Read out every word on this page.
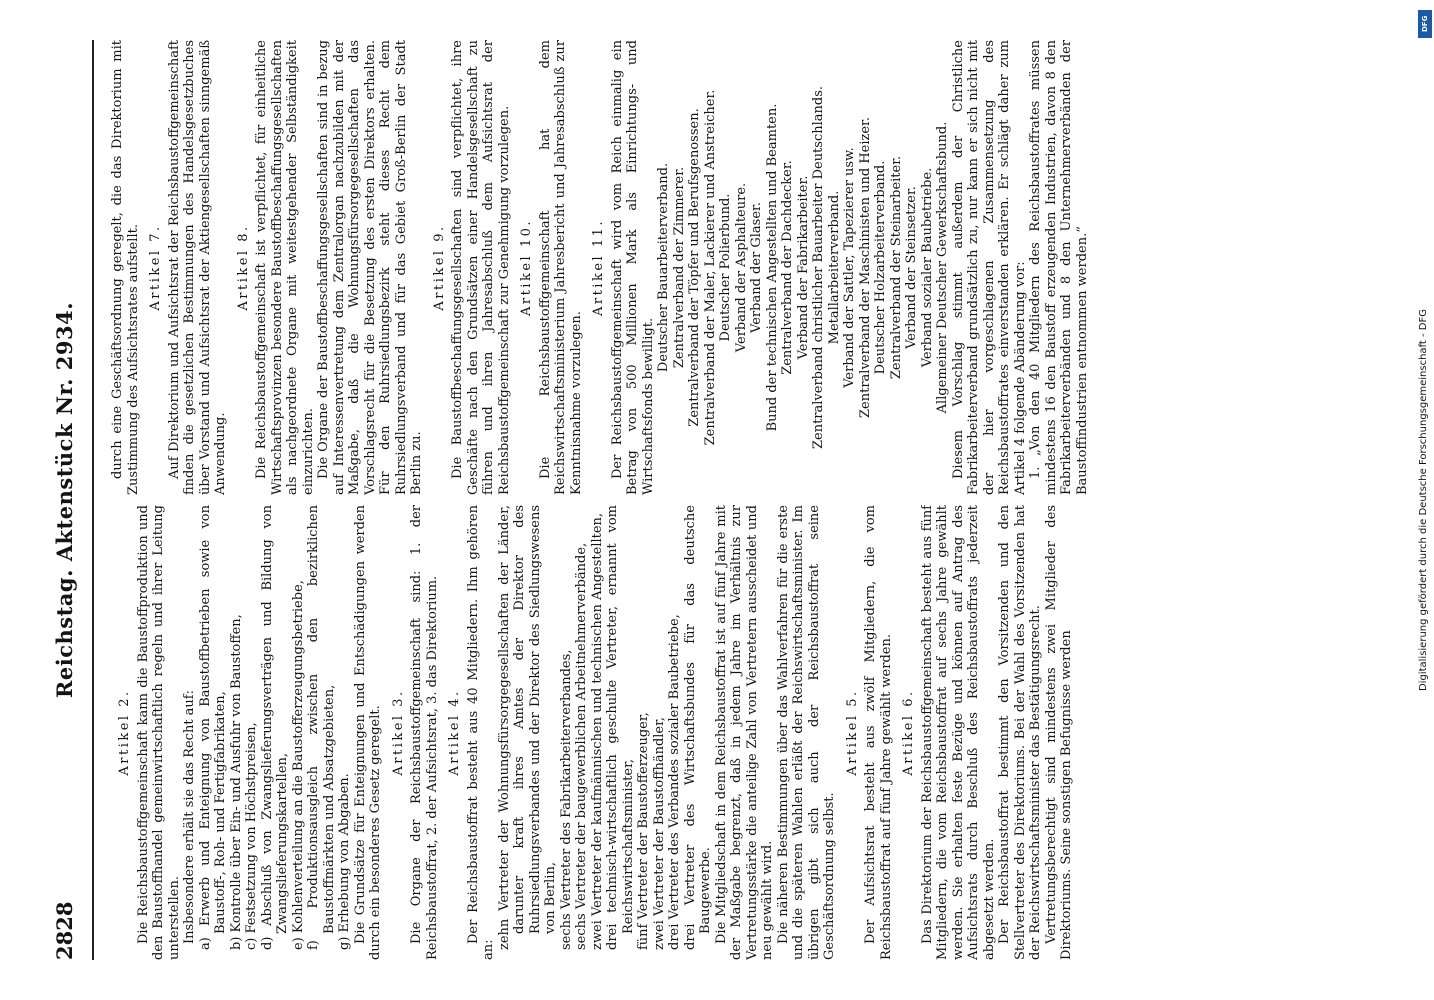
Reichstag. Aktenstück Nr. 2934.
2828
Artikel 2. Die Reichsbaustoffgemeinschaft kann die Baustoffproduktion und den Baustoffhandel gemeinwirtschaftlich regeln und ihrer Leitung unterstellen. Insbesondere erhält sie das Recht auf: a) Erwerb und Enteignung von Baustoffbetrieben sowie von Baustoff-, Roh- und Fertigfabrikaten, b) Kontrolle über Ein- und Ausfuhr von Baustoffen, c) Festsetzung von Höchstpreisen, d) Abschluß von Zwangslieferungsverträgen und Bildung von Zwangslieferungskartellen, e) Kohlenverteilung an die Baustofferzeugungsbetriebe, f) Produktionsausgleich zwischen den bezirklichen Baustoffmärkten und Absatzgebieten, g) Erhebung von Abgaben. Die Grundsätze für Enteignungen und Entschädigungen werden durch ein besonderes Gesetz geregelt. Artikel 3. Die Organe der Reichsbaustoffgemeinschaft sind: 1. der Reichsbaustoffrat, 2. der Aufsichtsrat, 3. das Direktorium. Artikel 4. Der Reichsbaustoffrat besteht aus 40 Mitgliedern. Ihm gehören an: zehn Vertreter der Wohnungsfürsorgegesellschaften der Länder, darunter kraft ihres Amtes der Direktor des Ruhrsiedlungsverbandes und der Direktor des Siedlungswesens von Berlin, sechs Vertreter des Fabrikarbeiterverbandes, sechs Vertreter der baugewerblichen Arbeitnehmerverbände, zwei Vertreter der kaufmännischen und technischen Angestellten, drei technisch-wirtschaftlich geschulte Vertreter, ernannt vom Reichswirtschaftsminister, fünf Vertreter der Baustofferzeuger, zwei Vertreter der Baustoffhändler, drei Vertreter des Verbandes sozialer Baubetriebe, drei Vertreter des Wirtschaftsbundes für das deutsche Baugewerbe. Die Mitgliedschaft in dem Reichsbaustoffrat ist auf fünf Jahre mit der Maßgabe begrenzt, daß in jedem Jahre im Verhältnis zur Vertretungsstärke die anteilige Zahl von Vertretern ausscheidet und neu gewählt wird. Die näheren Bestimmungen über das Wahlverfahren für die erste und die späteren Wahlen erläßt der Reichswirtschaftsminister. Im übrigen gibt sich auch der Reichsbaustoffrat seine Geschäftsordnung selbst.
Artikel 5. Der Aufsichtsrat besteht aus zwölf Mitgliedern, die vom Reichsbaustoffrat auf fünf Jahre gewählt werden. Artikel 6. Das Direktorium der Reichsbaustoffgemeinschaft besteht aus fünf Mitgliedern, die vom Reichsbaustoffrat auf sechs Jahre gewählt werden. Sie erhalten feste Bezüge und können auf Antrag des Aufsichtsrats durch Beschluß des Reichsbaustoffrats jederzeit abgesetzt werden. Der Reichsbaustoffrat bestimmt den Vorsitzenden und den Stellvertreter des Direktoriums. Bei der Wahl des Vorsitzenden hat der Reichswirtschaftsminister das Bestätigungsrecht. Vertretungsberechtigt sind mindestens zwei Mitglieder des Direktoriums. Seine sonstigen Befugnisse werden
durch eine Geschäftsordnung geregelt, die das Direktorium mit Zustimmung des Aufsichtsrates aufstellt. Artikel 7. Auf Direktorium und Aufsichtsrat der Reichsbaustoffgemeinschaft finden die gesetzlichen Bestimmungen des Handelsgesetzbuches über Vorstand und Aufsichtsrat der Aktiengesellschaften sinngemäß Anwendung.
Artikel 8. Die Reichsbaustoffgemeinschaft ist verpflichtet, für einheitliche Wirtschaftsprovinzen besondere Baustoffbeschaffungsgesellschaften als nachgeordnete Organe mit weitestgehender Selbständigkeit einzurichten. Die Organe der Baustoffbeschaffungsgesellschaften sind in bezug auf Interessenvertretung dem Zentralorgan nachzubilden mit der Maßgabe, daß die Wohnungsfürsorgegesellschaften das Vorschlagsrecht für die Besetzung des ersten Direktors erhalten. Für den Ruhrsiedlungsbezirk steht dieses Recht dem Ruhrsiedlungsverband und für das Gebiet Groß-Berlin der Stadt Berlin zu.
Artikel 9. Die Baustoffbeschaffungsgesellschaften sind verpflichtet, ihre Geschäfte nach den Grundsätzen einer Handelsgesellschaft zu führen und ihren Jahresabschluß dem Aufsichtsrat der Reichsbaustoffgemeinschaft zur Genehmigung vorzulegen. Artikel 10. Die Reichsbaustoffgemeinschaft hat dem Reichswirtschaftsministerium Jahresbericht und Jahresabschluß zur Kenntnisnahme vorzulegen.
Artikel 11. Der Reichsbaustoffgemeinschaft wird vom Reich einmalig ein Betrag von 500 Millionen Mark als Einrichtungs- und Wirtschaftsfonds bewilligt.
Deutscher Bauarbeiterverband. Zentralverband der Zimmerer. Zentralverband der Töpfer und Berufsgenossen. Zentralverband der Maler, Lackierer und Anstreicher. Deutscher Polierbund. Verband der Asphalteure. Verband der Glaser. Bund der technischen Angestellten und Beamten. Zentralverband der Dachdecker. Verband der Fabrikarbeiter. Zentralverband christlicher Bauarbeiter Deutschlands. Metallarbeiterverband. Verband der Sattler, Tapezierer usw. Zentralverband der Maschinisten und Heizer. Deutscher Holzarbeiterverband. Zentralverband der Steinarbeiter. Verband der Steinsetzer. Verband sozialer Baubetriebe. Allgemeiner Deutscher Gewerkschaftsbund. Diesem Vorschlag stimmt außerdem der Christliche Fabrikarbeiterverband grundsätzlich zu, nur kann er sich nicht mit der hier vorgeschlagenen Zusammensetzung des Reichsbaustoffrates einverstanden erklären. Er schlägt daher zum Artikel 4 folgende Abänderung vor: 1. „Von den 40 Mitgliedern des Reichsbaustoffrates müssen mindestens 16 den Baustoff erzeugenden Industrien, davon 8 den Fabrikarbeiterverbänden und 8 den Unternehmerverbänden der Baustoffindustrien entnommen werden.“	Digitalisierung gefördert durch die Deutsche Forschungsgemeinschaft - DFG
DFG
